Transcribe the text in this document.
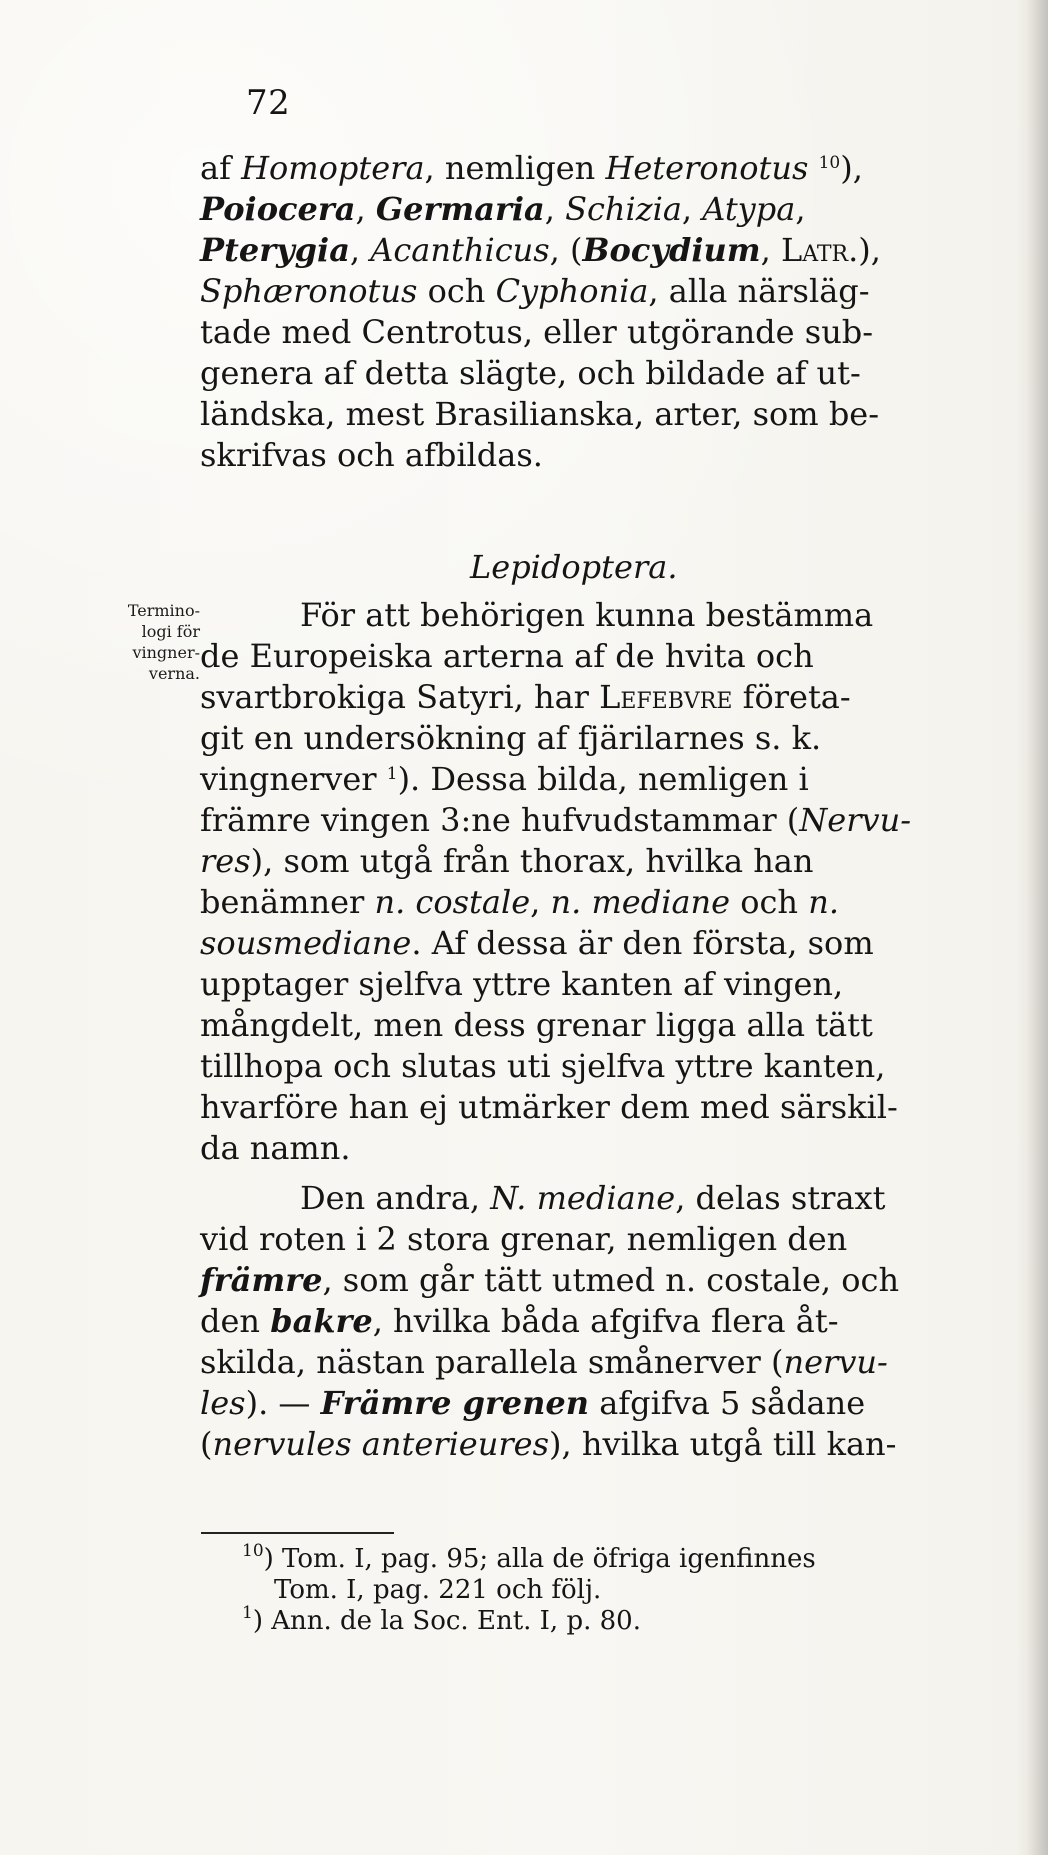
72
Termino-
logi för
vingner-
verna.
af Homoptera, nemligen Heteronotus $^{10}$),
Poiocera, Germaria, Schizia, Atypa,
Pterygia, Acanthicus, (Bocydium, Latr.),
Sphæronotus och Cyphonia, alla närsläg-
tade med Centrotus, eller utgörande sub-
genera af detta slägte, och bildade af ut-
ländska, mest Brasilianska, arter, som be-
skrifvas och afbildas.
Lepidoptera.
För att behörigen kunna bestämma
de Europeiska arterna af de hvita och
svartbrokiga Satyri, har Lefebvre företa-
git en undersökning af fjärilarnes s. k.
vingnerver $^1$). Dessa bilda, nemligen i
främre vingen 3:ne hufvudstammar (Nervu-
res), som utgå från thorax, hvilka han
benämner n. costale, n. mediane och n.
sousmediane. Af dessa är den första, som
upptager sjelfva yttre kanten af vingen,
mångdelt, men dess grenar ligga alla tätt
tillhopa och slutas uti sjelfva yttre kanten,
hvarföre han ej utmärker dem med särskil-
da namn.
Den andra, N. mediane, delas straxt
vid roten i 2 stora grenar, nemligen den
främre, som går tätt utmed n. costale, och
den bakre, hvilka båda afgifva flera åt-
skilda, nästan parallela smånerver (nervu-
les). — Främre grenen afgifva 5 sådane
(nervules anterieures), hvilka utgå till kan-
$^{10}$) Tom. I, pag. 95; alla de öfriga igenfinnes
Tom. I, pag. 221 och följ.
$^1$) Ann. de la Soc. Ent. I, p. 80.
